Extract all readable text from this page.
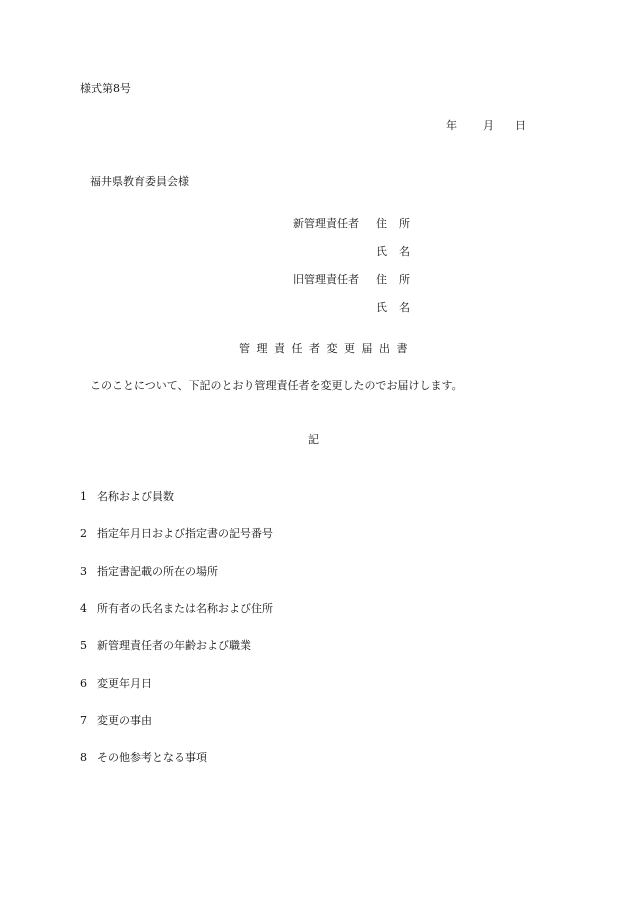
様式第8号
年	月	日
福井県教育委員会様
新管理責任者 住所
氏名
旧管理責任者 住所
氏名
管理責任者変更届出書
このことについて、下記のとおり管理責任者を変更したのでお届けします。
記
1 名称および員数
2 指定年月日および指定書の記号番号
3 指定書記載の所在の場所
4 所有者の氏名または名称および住所
5 新管理責任者の年齢および職業
6 変更年月日
7 変更の事由
8 その他参考となる事項
